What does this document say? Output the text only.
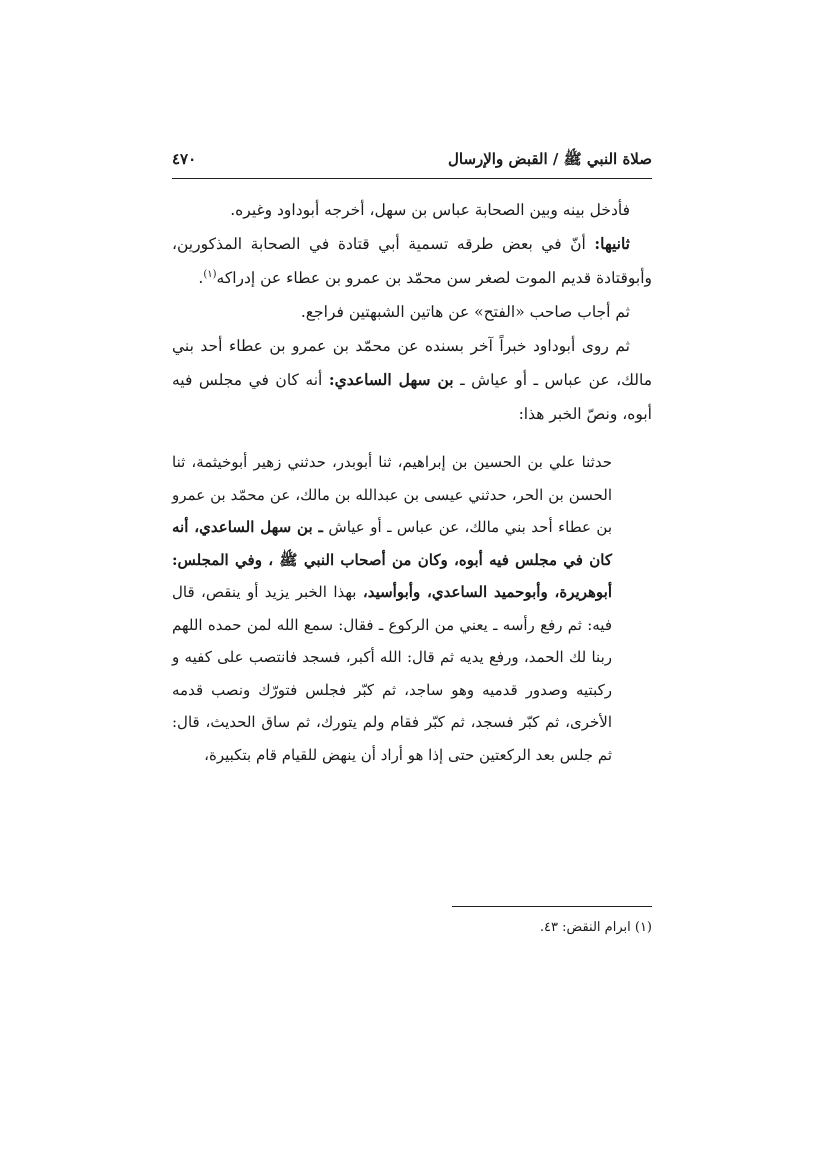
صلاة النبي ﷺ / القبض والإرسال
٤٧٠

فأدخل بينه وبين الصحابة عباس بن سهل، أخرجه أبوداود وغيره.

ثانيها: أنّ في بعض طرقه تسمية أبي قتادة في الصحابة المذكورين، وأبوقتادة قديم الموت لصغر سن محمّد بن عمرو بن عطاء عن إدراكه$^{(١)}$.

ثم أجاب صاحب «الفتح» عن هاتين الشبهتين فراجع.

ثم روى أبوداود خبراً آخر بسنده عن محمّد بن عمرو بن عطاء أحد بني مالك، عن عباس ـ أو عياش ـ بن سهل الساعدي: أنه كان في مجلس فيه أبوه، ونصّ الخبر هذا:

حدثنا علي بن الحسين بن إبراهيم، ثنا أبوبدر، حدثني زهير أبوخيثمة، ثنا الحسن بن الحر، حدثني عيسى بن عبدالله بن مالك، عن محمّد بن عمرو بن عطاء أحد بني مالك، عن عباس ـ أو عياش ـ بن سهل الساعدي، أنه كان في مجلس فيه أبوه، وكان من أصحاب النبي ﷺ ، وفي المجلس: أبوهريرة، وأبوحميد الساعدي، وأبوأسيد، بهذا الخبر يزيد أو ينقص، قال فيه: ثم رفع رأسه ـ يعني من الركوع ـ فقال: سمع الله لمن حمده اللهم ربنا لك الحمد، ورفع يديه ثم قال: الله أكبر، فسجد فانتصب على كفيه و ركبتيه وصدور قدميه وهو ساجد، ثم كبّر فجلس فتورّك ونصب قدمه الأخرى، ثم كبّر فسجد، ثم كبّر فقام ولم يتورك، ثم ساق الحديث، قال: ثم جلس بعد الركعتين حتى إذا هو أراد أن ينهض للقيام قام بتكبيرة،

(١) ابرام النقض: ٤٣.
